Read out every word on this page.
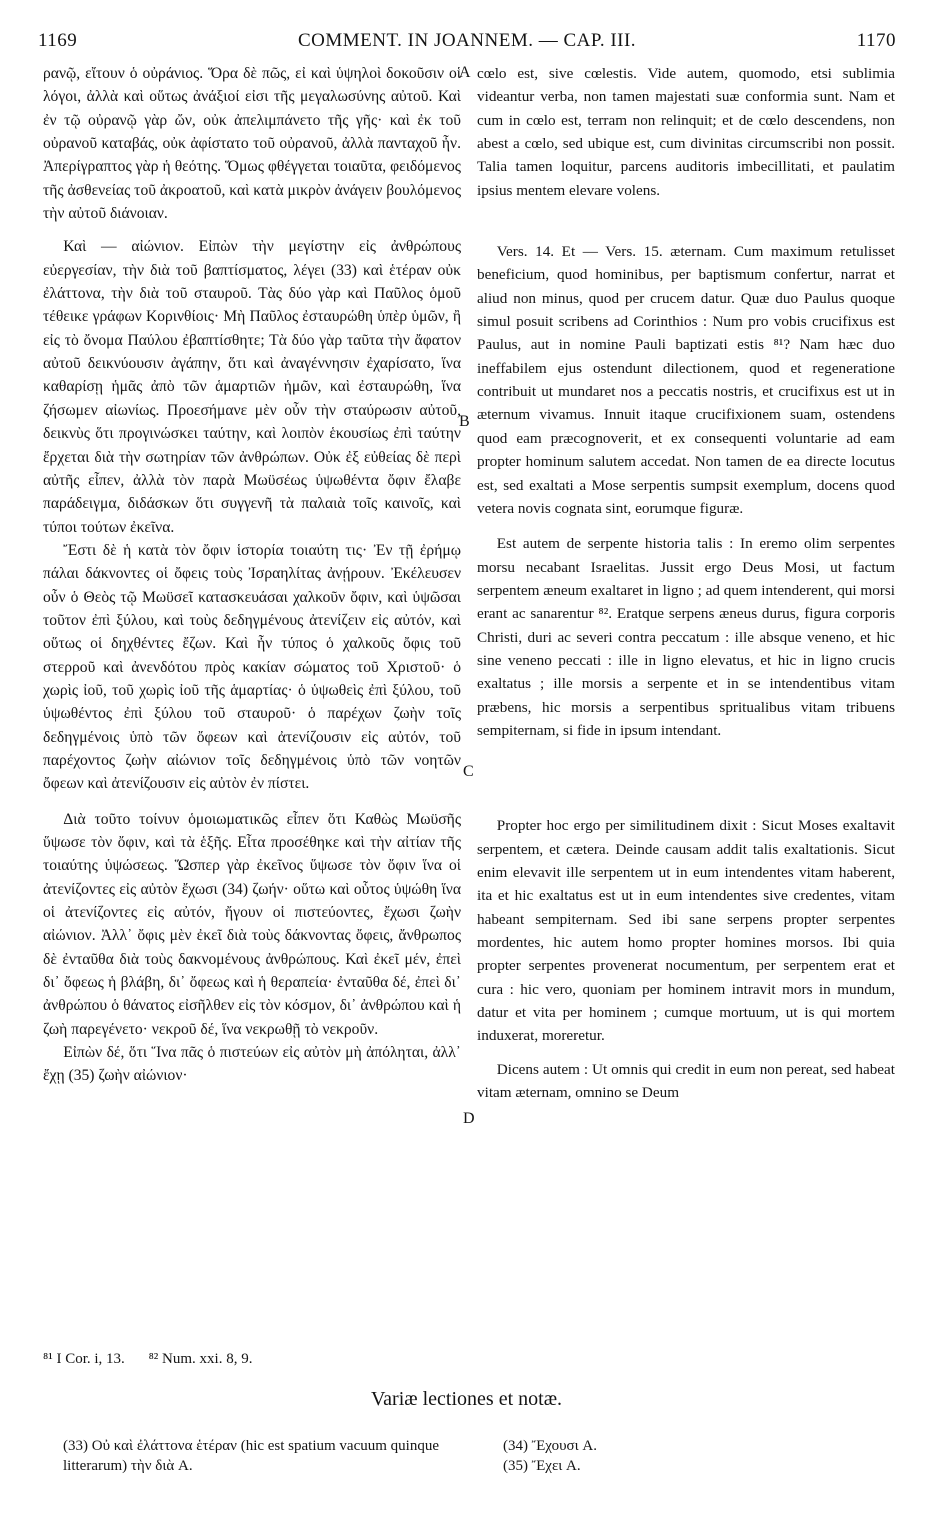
1169	COMMENT. IN JOANNEM. — CAP. III.	1170

ρανῷ, εἴτουν ὁ οὐράνιος. Ὅρα δὲ πῶς, εἰ καὶ ὑψηλοὶ δοκοῦσιν οἱ λόγοι, ἀλλὰ καὶ οὕτως ἀνάξιοί εἰσι τῆς μεγαλωσύνης αὐτοῦ. Καὶ ἐν τῷ οὐρανῷ γὰρ ὤν, οὐκ ἀπελιμπάνετο τῆς γῆς· καὶ ἐκ τοῦ οὐρανοῦ καταβάς, οὐκ ἀφίστατο τοῦ οὐρανοῦ, ἀλλὰ πανταχοῦ ἦν. Ἀπερίγραπτος γὰρ ἡ θεότης. Ὅμως φθέγγεται τοιαῦτα, φειδόμενος τῆς ἀσθενείας τοῦ ἀκροατοῦ, καὶ κατὰ μικρὸν ἀνάγειν βουλόμενος τὴν αὐτοῦ διάνοιαν.

Καὶ — αἰώνιον. Εἰπὼν τὴν μεγίστην εἰς ἀνθρώπους εὐεργεσίαν, τὴν διὰ τοῦ βαπτίσματος, λέγει (33) καὶ ἑτέραν οὐκ ἐλάττονα, τὴν διὰ τοῦ σταυροῦ. Τὰς δύο γὰρ καὶ Παῦλος ὁμοῦ τέθεικε γράφων Κορινθίοις· Μὴ Παῦλος ἐσταυρώθη ὑπὲρ ὑμῶν, ἢ εἰς τὸ ὄνομα Παύλου ἐβαπτίσθητε; Τὰ δύο γὰρ ταῦτα τὴν ἄφατον αὐτοῦ δεικνύουσιν ἀγάπην, ὅτι καὶ ἀναγέννησιν ἐχαρίσατο, ἵνα καθαρίσῃ ἡμᾶς ἀπὸ τῶν ἁμαρτιῶν ἡμῶν, καὶ ἐσταυρώθη, ἵνα ζήσωμεν αἰωνίως. Προεσήμανε μὲν οὖν τὴν σταύρωσιν αὐτοῦ, δεικνὺς ὅτι προγινώσκει ταύτην, καὶ λοιπὸν ἑκουσίως ἐπὶ ταύτην ἔρχεται διὰ τὴν σωτηρίαν τῶν ἀνθρώπων. Οὐκ ἐξ εὐθείας δὲ περὶ αὐτῆς εἶπεν, ἀλλὰ τὸν παρὰ Μωϋσέως ὑψωθέντα ὄφιν ἔλαβε παράδειγμα, διδάσκων ὅτι συγγενῆ τὰ παλαιὰ τοῖς καινοῖς, καὶ τύποι τούτων ἐκεῖνα.

Ἔστι δὲ ἡ κατὰ τὸν ὄφιν ἱστορία τοιαύτη τις· Ἐν τῇ ἐρήμῳ πάλαι δάκνοντες οἱ ὄφεις τοὺς Ἰσραηλίτας ἀνῄρουν. Ἐκέλευσεν οὖν ὁ Θεὸς τῷ Μωϋσεῖ κατασκευάσαι χαλκοῦν ὄφιν, καὶ ὑψῶσαι τοῦτον ἐπὶ ξύλου, καὶ τοὺς δεδηγμένους ἀτενίζειν εἰς αὐτόν, καὶ οὕτως οἱ δηχθέντες ἔζων. Καὶ ἦν τύπος ὁ χαλκοῦς ὄφις τοῦ στερροῦ καὶ ἀνενδότου πρὸς κακίαν σώματος τοῦ Χριστοῦ· ὁ χωρὶς ἰοῦ, τοῦ χωρὶς ἰοῦ τῆς ἁμαρτίας· ὁ ὑψωθεὶς ἐπὶ ξύλου, τοῦ ὑψωθέντος ἐπὶ ξύλου τοῦ σταυροῦ· ὁ παρέχων ζωὴν τοῖς δεδηγμένοις ὑπὸ τῶν ὄφεων καὶ ἀτενίζουσιν εἰς αὐτόν, τοῦ παρέχοντος ζωὴν αἰώνιον τοῖς δεδηγμένοις ὑπὸ τῶν νοητῶν ὄφεων καὶ ἀτενίζουσιν εἰς αὐτὸν ἐν πίστει.

Διὰ τοῦτο τοίνυν ὁμοιωματικῶς εἶπεν ὅτι Καθὼς Μωϋσῆς ὕψωσε τὸν ὄφιν, καὶ τὰ ἑξῆς. Εἶτα προσέθηκε καὶ τὴν αἰτίαν τῆς τοιαύτης ὑψώσεως. Ὥσπερ γὰρ ἐκεῖνος ὕψωσε τὸν ὄφιν ἵνα οἱ ἀτενίζοντες εἰς αὐτὸν ἔχωσι (34) ζωήν· οὕτω καὶ οὗτος ὑψώθη ἵνα οἱ ἀτενίζοντες εἰς αὐτόν, ἤγουν οἱ πιστεύοντες, ἔχωσι ζωὴν αἰώνιον. Ἀλλ᾽ ὄφις μὲν ἐκεῖ διὰ τοὺς δάκνοντας ὄφεις, ἄνθρωπος δὲ ἐνταῦθα διὰ τοὺς δακνομένους ἀνθρώπους. Καὶ ἐκεῖ μέν, ἐπεὶ δι᾽ ὄφεως ἡ βλάβη, δι᾽ ὄφεως καὶ ἡ θεραπεία· ἐνταῦθα δέ, ἐπεὶ δι᾽ ἀνθρώπου ὁ θάνατος εἰσῆλθεν εἰς τὸν κόσμον, δι᾽ ἀνθρώπου καὶ ἡ ζωὴ παρεγένετο· νεκροῦ δέ, ἵνα νεκρωθῇ τὸ νεκροῦν.

Εἰπὼν δέ, ὅτι Ἵνα πᾶς ὁ πιστεύων εἰς αὐτὸν μὴ ἀπόληται, ἀλλ᾽ ἔχῃ (35) ζωὴν αἰώνιον·

cœlo est, sive cœlestis. Vide autem, quomodo, etsi sublimia videantur verba, non tamen majestati suæ conformia sunt. Nam et cum in cœlo est, terram non relinquit; et de cœlo descendens, non abest a cœlo, sed ubique est, cum divinitas circumscribi non possit. Talia tamen loquitur, parcens auditoris imbecillitati, et paulatim ipsius mentem elevare volens.

Vers. 14. Et — Vers. 15. æternam. Cum maximum retulisset beneficium, quod hominibus, per baptismum confertur, narrat et aliud non minus, quod per crucem datur. Quæ duo Paulus quoque simul posuit scribens ad Corinthios : Num pro vobis crucifixus est Paulus, aut in nomine Pauli baptizati estis ⁸¹? Nam hæc duo ineffabilem ejus ostendunt dilectionem, quod et regeneratione contribuit ut mundaret nos a peccatis nostris, et crucifixus est ut in æternum vivamus. Innuit itaque crucifixionem suam, ostendens quod eam præcognoverit, et ex consequenti voluntarie ad eam propter hominum salutem accedat. Non tamen de ea directe locutus est, sed exaltati a Mose serpentis sumpsit exemplum, docens quod vetera novis cognata sint, eorumque figuræ.

Est autem de serpente historia talis : In eremo olim serpentes morsu necabant Israelitas. Jussit ergo Deus Mosi, ut factum serpentem æneum exaltaret in ligno ; ad quem intenderent, qui morsi erant ac sanarentur ⁸². Eratque serpens æneus durus, figura corporis Christi, duri ac severi contra peccatum : ille absque veneno, et hic sine veneno peccati : ille in ligno elevatus, et hic in ligno crucis exaltatus ; ille morsis a serpente et in se intendentibus vitam præbens, hic morsis a serpentibus spritualibus vitam tribuens sempiternam, si fide in ipsum intendant.

Propter hoc ergo per similitudinem dixit : Sicut Moses exaltavit serpentem, et cætera. Deinde causam addit talis exaltationis. Sicut enim elevavit ille serpentem ut in eum intendentes vitam haberent, ita et hic exaltatus est ut in eum intendentes sive credentes, vitam habeant sempiternam. Sed ibi sane serpens propter serpentes mordentes, hic autem homo propter homines morsos. Ibi quia propter serpentes provenerat nocumentum, per serpentem erat et cura : hic vero, quoniam per hominem intravit mors in mundum, datur et vita per hominem ; cumque mortuum, ut is qui mortem induxerat, moreretur.

Dicens autem : Ut omnis qui credit in eum non pereat, sed habeat vitam æternam, omnino se Deum

A
B
C
D
⁸¹ I Cor. i, 13. ⁸² Num. xxi. 8, 9.
Variæ lectiones et notæ.

(33) Οὐ καὶ ἐλάττονα ἑτέραν (hic est spatium vacuum quinque litterarum) τὴν διὰ A.

(34) Ἔχουσι A.

(35) Ἔχει A.
